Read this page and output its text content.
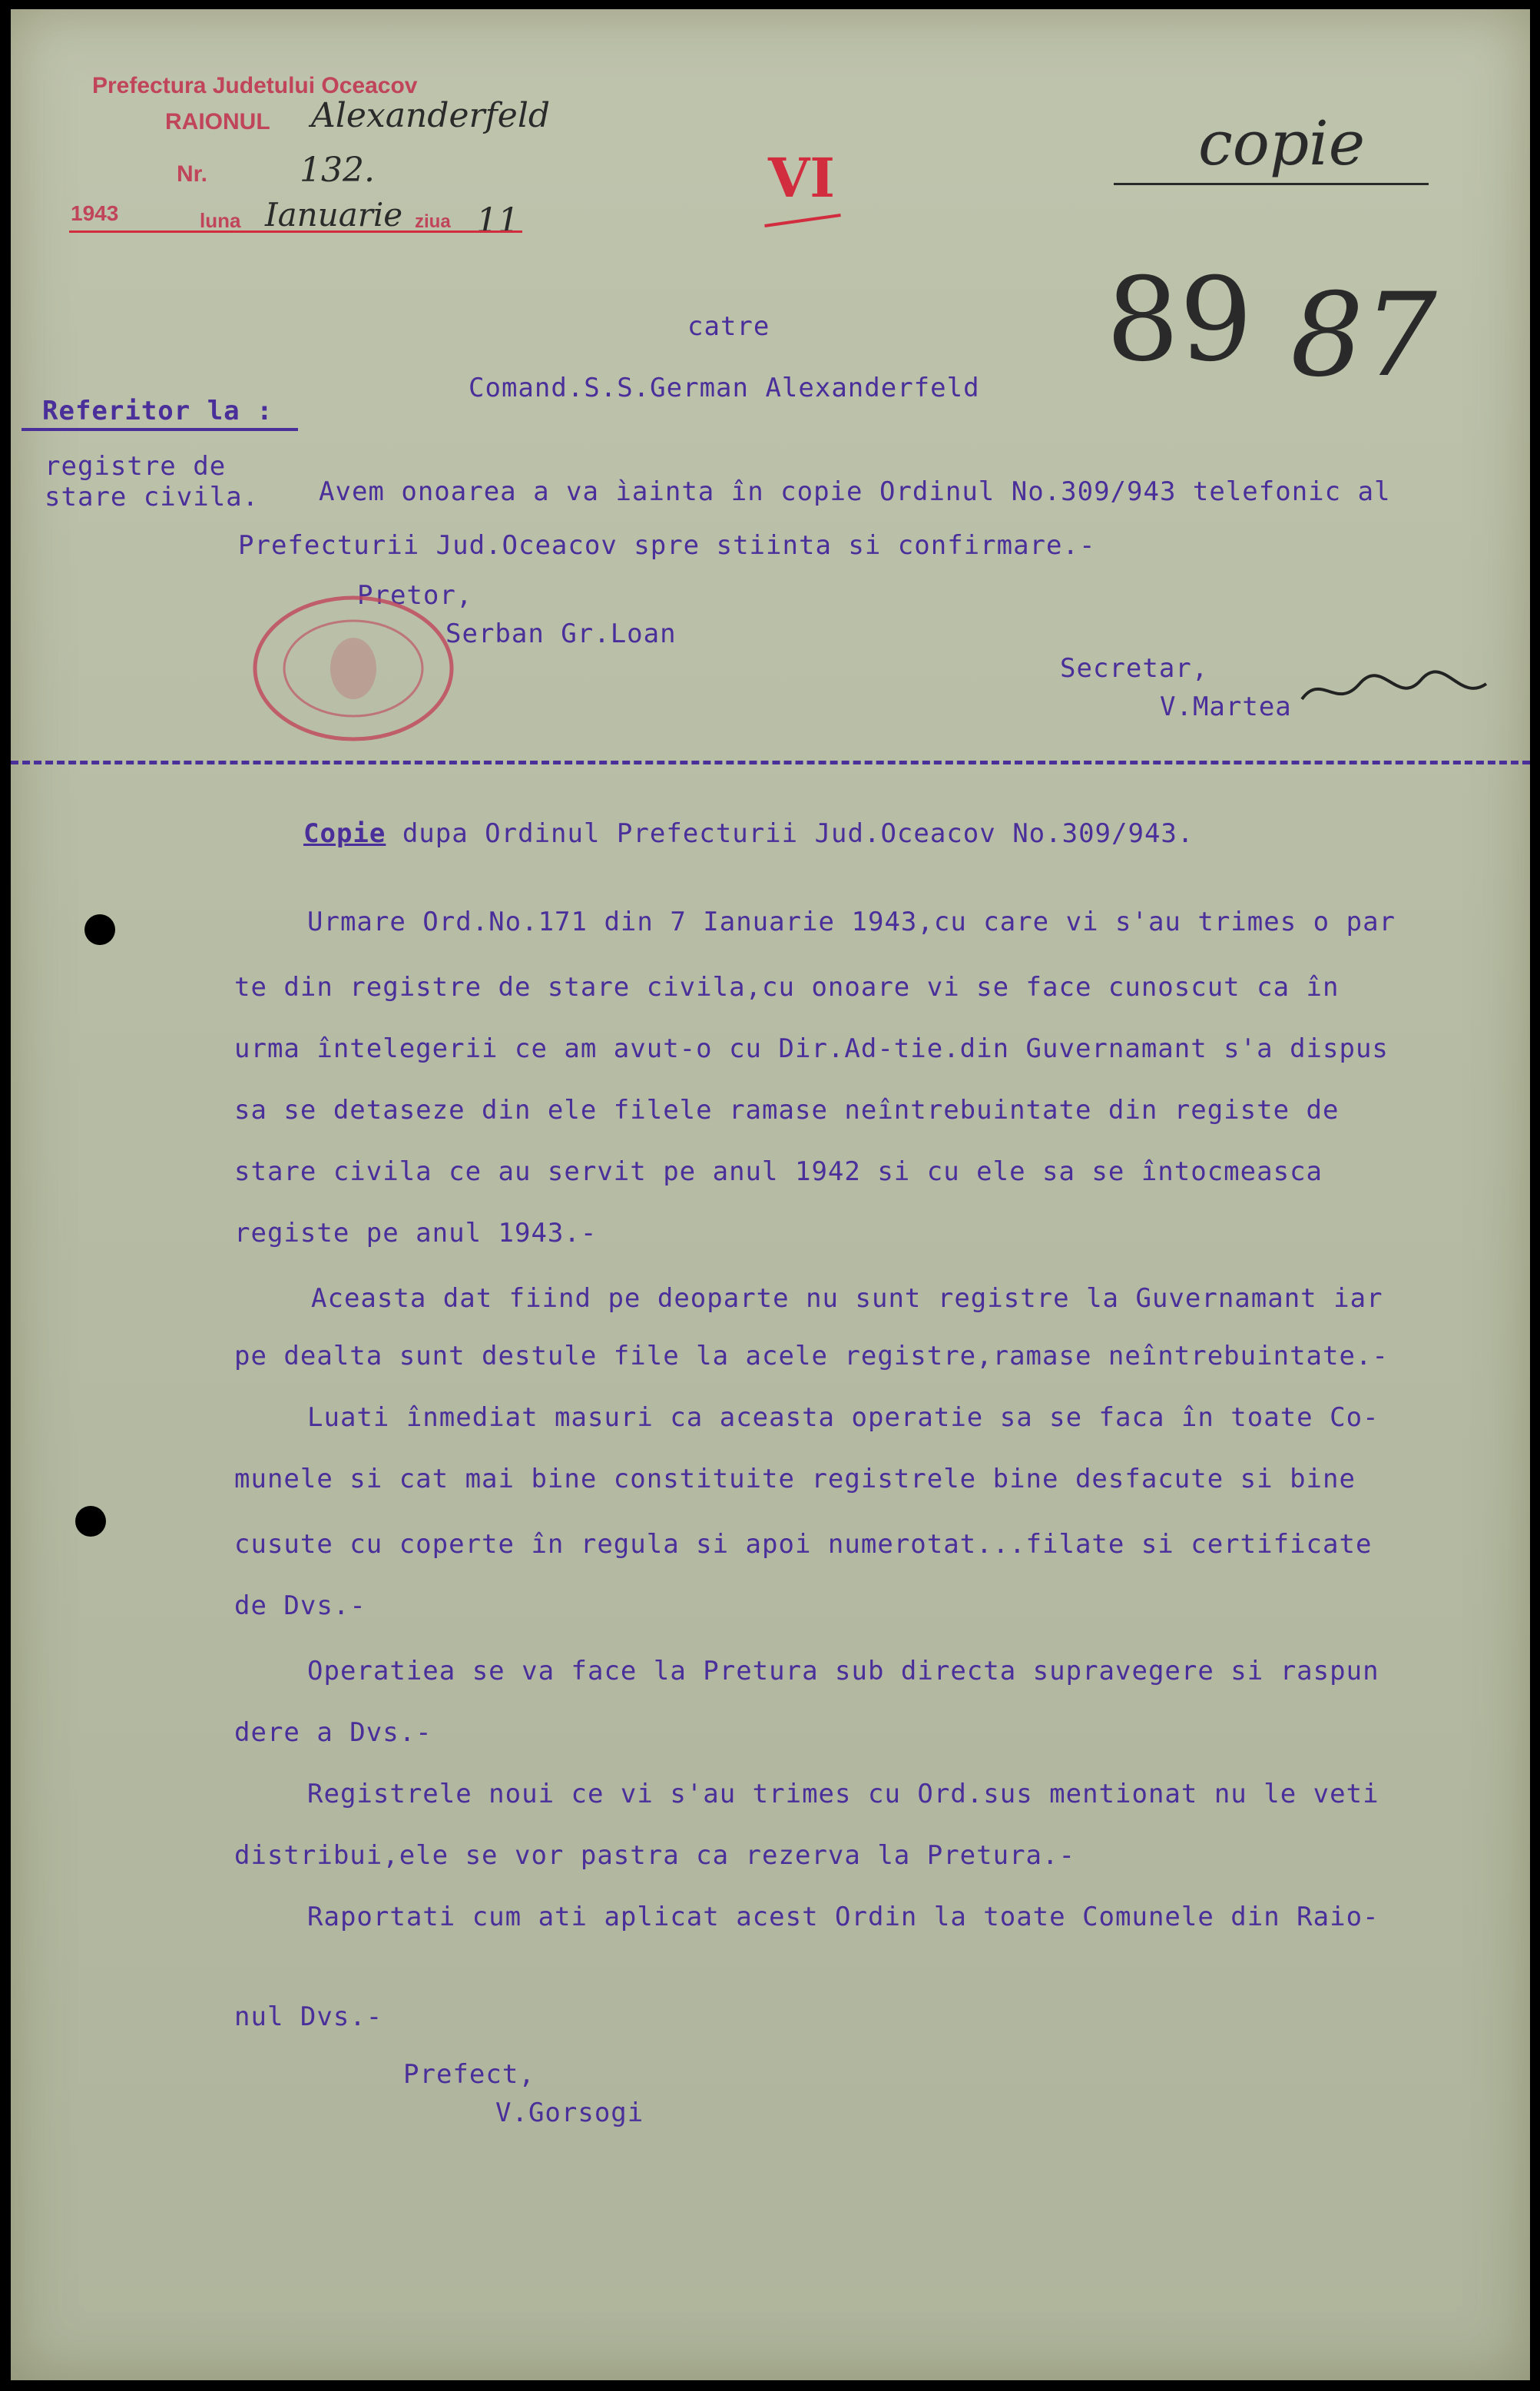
Prefectura Judetului Oceacov
RAIONUL Alexanderfeld
Nr.	132.
1943	luna Ianuarie ziua 11
VI	copie
89 87
catre
Comand.S.S.German Alexanderfeld
Referitor la :
registre de
stare civila. Avem onoarea a va ìainta în copie Ordinul No.309/943 telefonic al
Prefecturii Jud.Oceacov spre stiinta si confirmare.-
Pretor,
Serban Gr.Loan
Secretar,
V.Martea
Copie dupa Ordinul Prefecturii Jud.Oceacov No.309/943.
Urmare Ord.No.171 din 7 Ianuarie 1943,cu care vi s'au trimes o par
te din registre de stare civila,cu onoare vi se face cunoscut ca în
urma întelegerii ce am avut-o cu Dir.Ad-tie.din Guvernamant s'a dispus
sa se detaseze din ele filele ramase neîntrebuintate din registe de
stare civila ce au servit pe anul 1942 si cu ele sa se întocmeasca
registe pe anul 1943.-
Aceasta dat fiind pe deoparte nu sunt registre la Guvernamant iar
pe dealta sunt destule file la acele registre,ramase neîntrebuintate.-
Luati înmediat masuri ca aceasta operatie sa se faca în toate Co-
munele si cat mai bine constituite registrele bine desfacute si bine
cusute cu coperte în regula si apoi numerotat...filate si certificate
de Dvs.-
Operatiea se va face la Pretura sub directa supravegere si raspun
dere a Dvs.-
Registrele noui ce vi s'au trimes cu Ord.sus mentionat nu le veti
distribui,ele se vor pastra ca rezerva la Pretura.-
Raportati cum ati aplicat acest Ordin la toate Comunele din Raio-
nul Dvs.-
Prefect,
V.Gorsogi
